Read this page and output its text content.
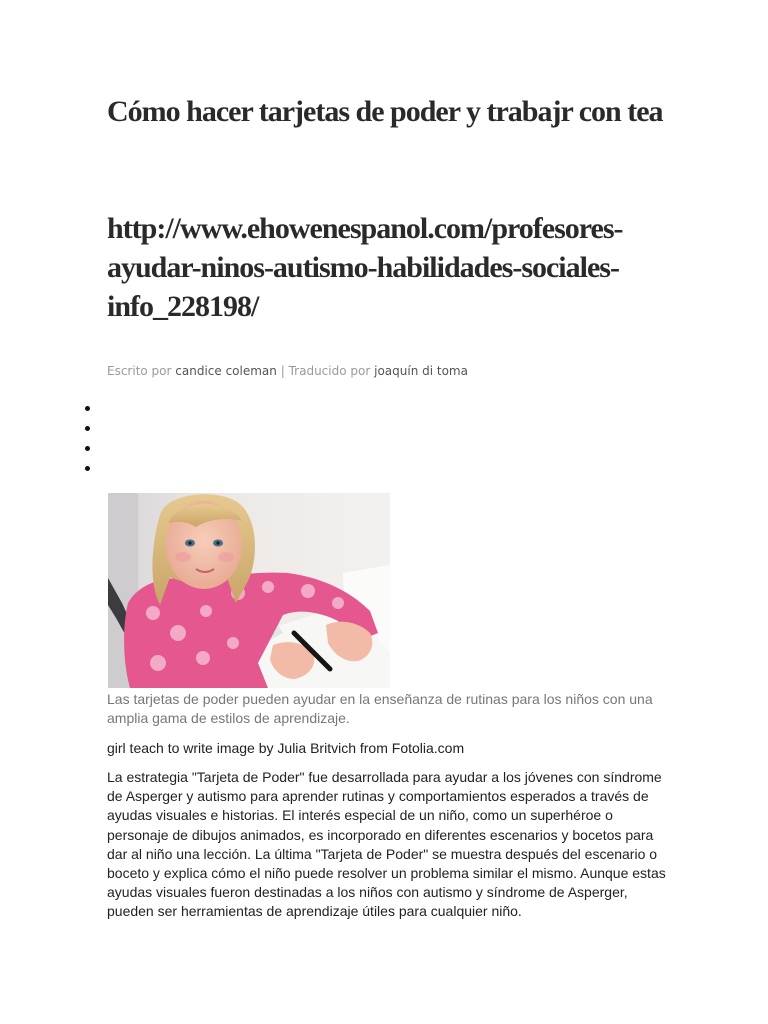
Cómo hacer tarjetas de poder y trabajr con tea
http://www.ehowenespanol.com/profesores-ayudar-ninos-autismo-habilidades-sociales-info_228198/
Escrito por candice coleman | Traducido por joaquín di toma

Las tarjetas de poder pueden ayudar en la enseñanza de rutinas para los niños con una amplia gama de estilos de aprendizaje.

girl teach to write image by Julia Britvich from Fotolia.com

La estrategia "Tarjeta de Poder" fue desarrollada para ayudar a los jóvenes con síndrome de Asperger y autismo para aprender rutinas y comportamientos esperados a través de ayudas visuales e historias. El interés especial de un niño, como un superhéroe o personaje de dibujos animados, es incorporado en diferentes escenarios y bocetos para dar al niño una lección. La última "Tarjeta de Poder" se muestra después del escenario o boceto y explica cómo el niño puede resolver un problema similar el mismo. Aunque estas ayudas visuales fueron destinadas a los niños con autismo y síndrome de Asperger, pueden ser herramientas de aprendizaje útiles para cualquier niño.
